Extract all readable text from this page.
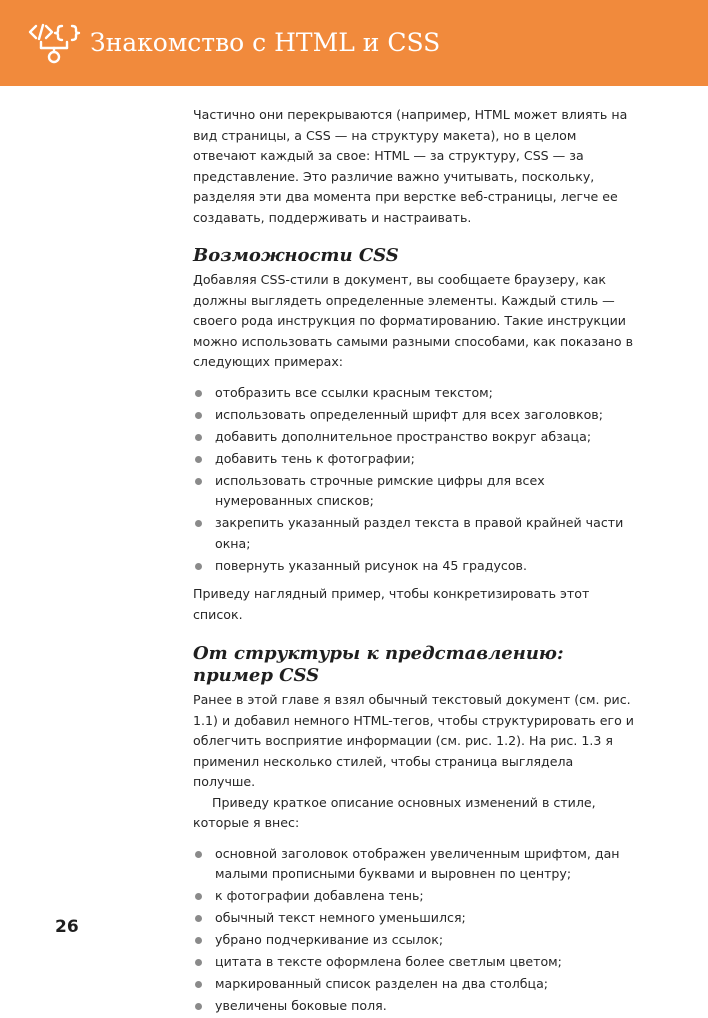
Знакомство с HTML и CSS

Частично они перекрываются (например, HTML может влиять на вид страницы, а CSS — на структуру макета), но в целом отвечают каждый за свое: HTML — за структуру, CSS — за представление. Это различие важно учитывать, поскольку, разделяя эти два момента при верстке веб-страницы, легче ее создавать, поддерживать и настраивать.

Возможности CSS

Добавляя CSS-стили в документ, вы сообщаете браузеру, как должны выглядеть определенные элементы. Каждый стиль — своего рода инструкция по форматированию. Такие инструкции можно использовать самыми разными способами, как показано в следующих примерах:

отобразить все ссылки красным текстом;
использовать определенный шрифт для всех заголовков;
добавить дополнительное пространство вокруг абзаца;
добавить тень к фотографии;
использовать строчные римские цифры для всех нумерованных списков;
закрепить указанный раздел текста в правой крайней части окна;
повернуть указанный рисунок на 45 градусов.

Приведу наглядный пример, чтобы конкретизировать этот список.

От структуры к представлению:
пример CSS

Ранее в этой главе я взял обычный текстовый документ (см. рис. 1.1) и добавил немного HTML-тегов, чтобы структурировать его и облегчить восприятие информации (см. рис. 1.2). На рис. 1.3 я применил несколько стилей, чтобы страница выглядела получше.

Приведу краткое описание основных изменений в стиле, которые я внес:

основной заголовок отображен увеличенным шрифтом, дан малыми прописными буквами и выровнен по центру;
к фотографии добавлена тень;
обычный текст немного уменьшился;
убрано подчеркивание из ссылок;
цитата в тексте оформлена более светлым цветом;
маркированный список разделен на два столбца;
увеличены боковые поля.
26
